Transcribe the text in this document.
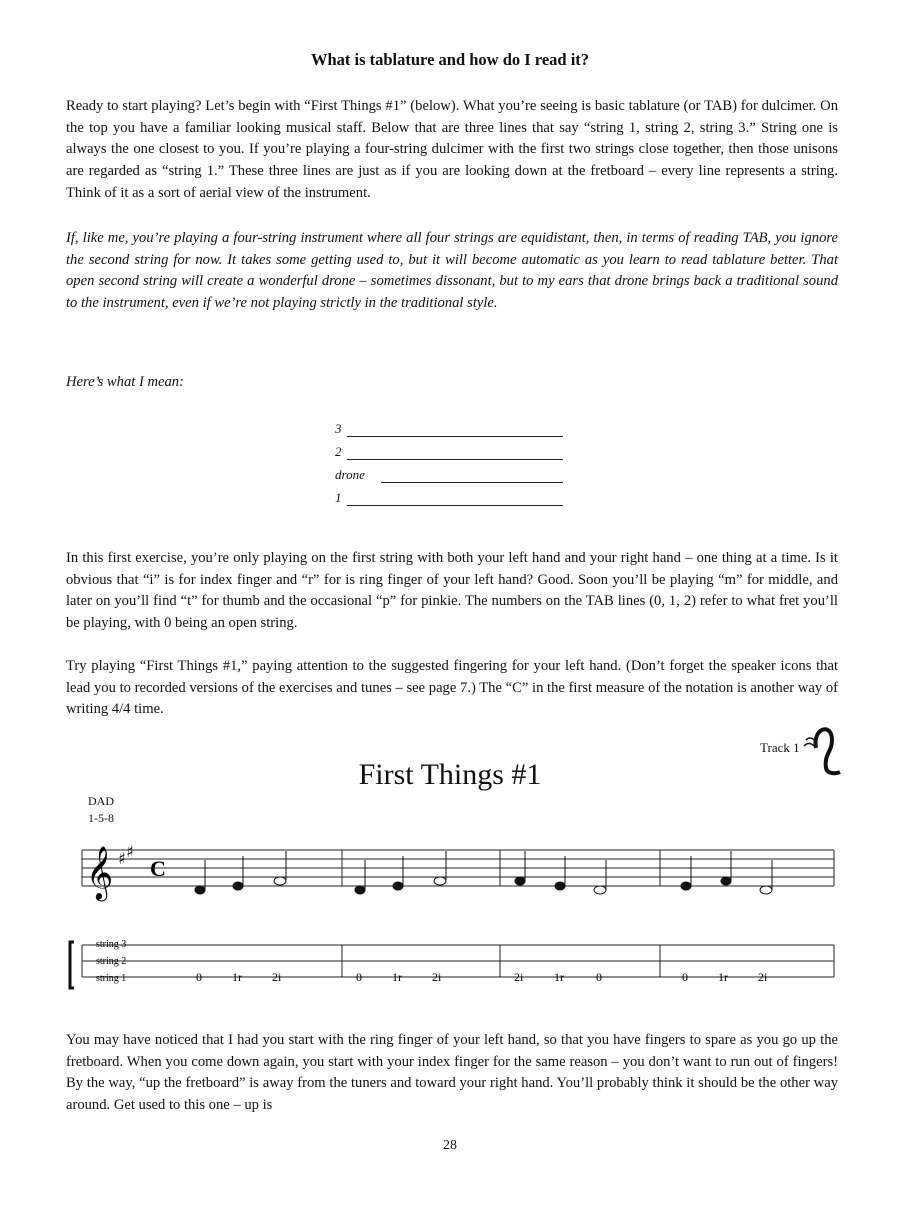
What is tablature and how do I read it?

Ready to start playing? Let’s begin with “First Things #1” (below). What you’re seeing is basic tablature (or TAB) for dulcimer. On the top you have a familiar looking musical staff. Below that are three lines that say “string 1, string 2, string 3.” String one is always the one closest to you. If you’re playing a four-string dulcimer with the first two strings close together, then those unisons are regarded as “string 1.” These three lines are just as if you are looking down at the fretboard – every line represents a string. Think of it as a sort of aerial view of the instrument.

If, like me, you’re playing a four-string instrument where all four strings are equidistant, then, in terms of reading TAB, you ignore the second string for now. It takes some getting used to, but it will become automatic as you learn to read tablature better. That open second string will create a wonderful drone – sometimes dissonant, but to my ears that drone brings back a traditional sound to the instrument, even if we’re not playing strictly in the traditional style.

Here’s what I mean:

3
2
drone
1

In this first exercise, you’re only playing on the first string with both your left hand and your right hand – one thing at a time. Is it obvious that “i” is for index finger and “r” for is ring finger of your left hand? Good. Soon you’ll be playing “m” for middle, and later on you’ll find “t” for thumb and the occasional “p” for pinkie. The numbers on the TAB lines (0, 1, 2) refer to what fret you’ll be playing, with 0 being an open string.

Try playing “First Things #1,” paying attention to the suggested fingering for your left hand. (Don’t forget the speaker icons that lead you to recorded versions of the exercises and tunes – see page 7.) The “C” in the first measure of the notation is another way of writing 4/4 time.

Track 1
First Things #1
DAD
1-5-8
𝄞 ♯ ♯
C
string 3
string 2
string 1	0	1r	2i	0	1r	2i	2i	1r	0	0	1r	2i

You may have noticed that I had you start with the ring finger of your left hand, so that you have fingers to spare as you go up the fretboard. When you come down again, you start with your index finger for the same reason – you don’t want to run out of fingers! By the way, “up the fretboard” is away from the tuners and toward your right hand. You’ll probably think it should be the other way around. Get used to this one – up is

28
